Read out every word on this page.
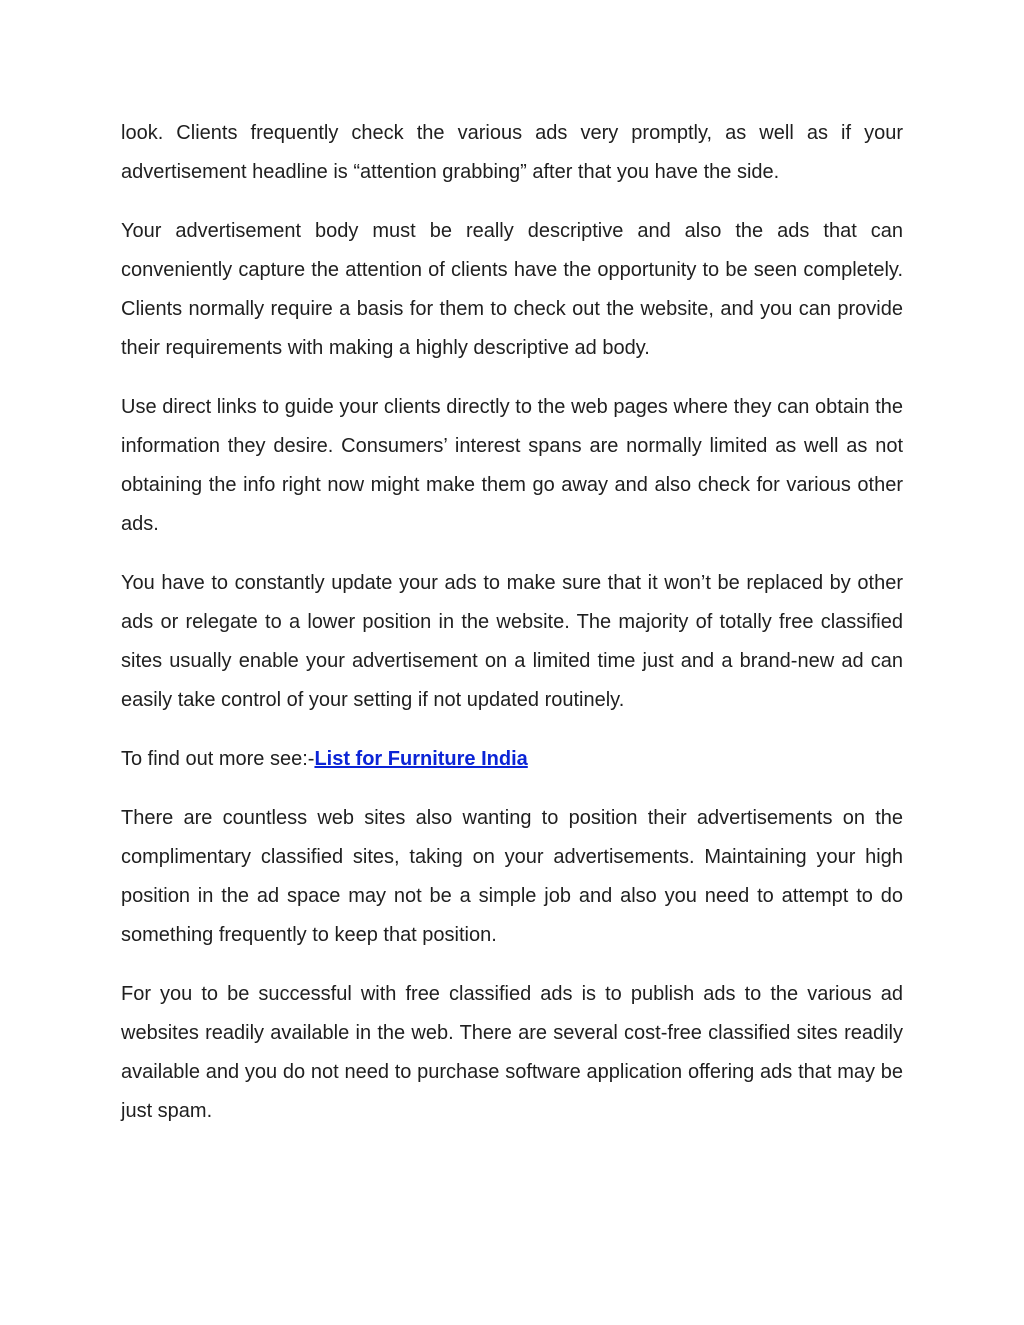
look. Clients frequently check the various ads very promptly, as well as if your advertisement headline is “attention grabbing” after that you have the side.

Your advertisement body must be really descriptive and also the ads that can conveniently capture the attention of clients have the opportunity to be seen completely. Clients normally require a basis for them to check out the website, and you can provide their requirements with making a highly descriptive ad body.

Use direct links to guide your clients directly to the web pages where they can obtain the information they desire. Consumers’ interest spans are normally limited as well as not obtaining the info right now might make them go away and also check for various other ads.

You have to constantly update your ads to make sure that it won’t be replaced by other ads or relegate to a lower position in the website. The majority of totally free classified sites usually enable your advertisement on a limited time just and a brand-new ad can easily take control of your setting if not updated routinely.

To find out more see:-List for Furniture India

There are countless web sites also wanting to position their advertisements on the complimentary classified sites, taking on your advertisements. Maintaining your high position in the ad space may not be a simple job and also you need to attempt to do something frequently to keep that position.

For you to be successful with free classified ads is to publish ads to the various ad websites readily available in the web. There are several cost-free classified sites readily available and you do not need to purchase software application offering ads that may be just spam.
